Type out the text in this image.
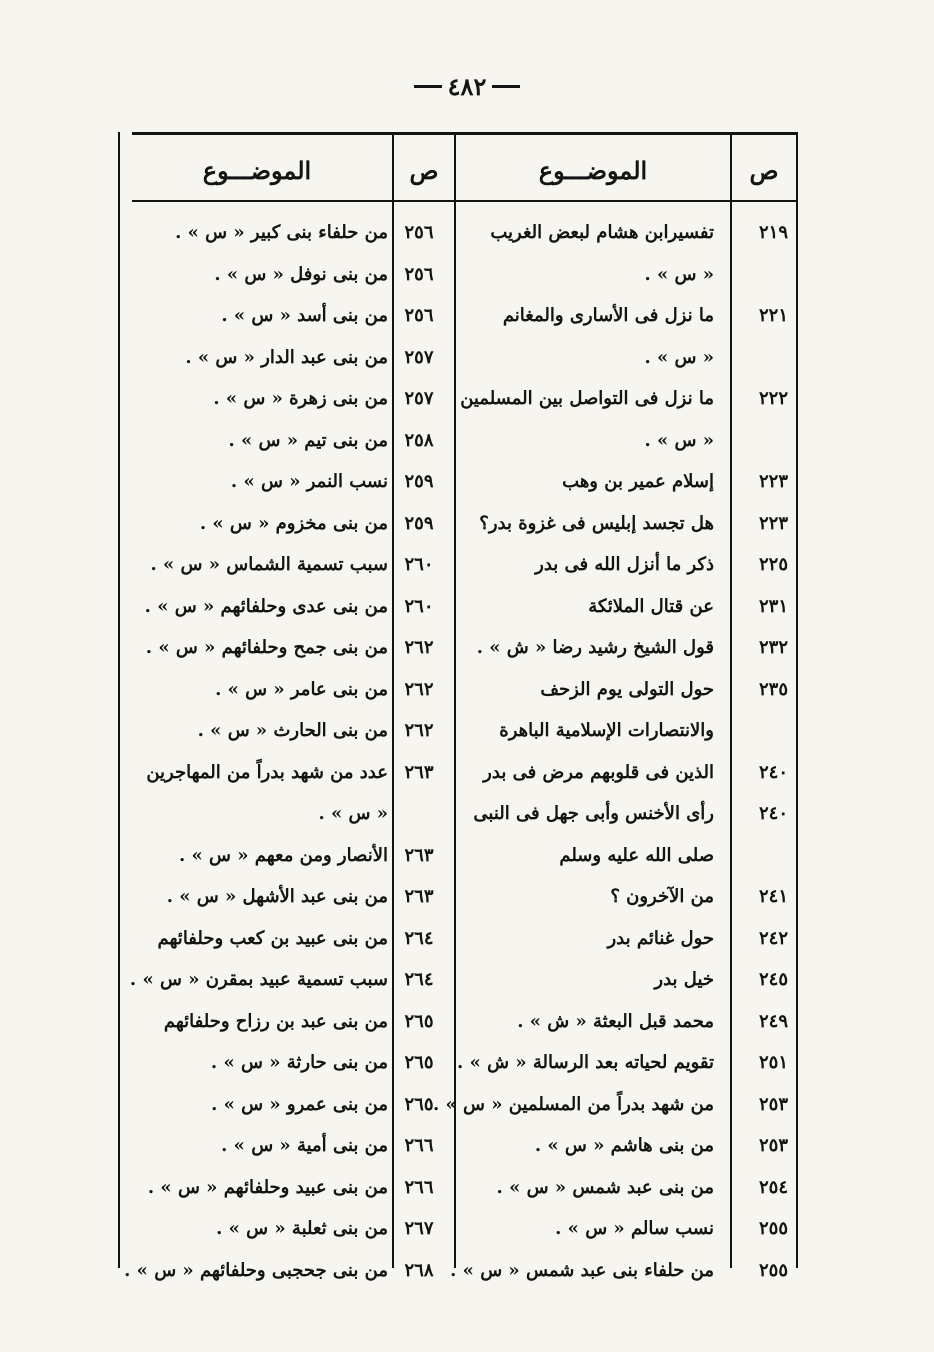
٤٨٢
ص
الموضـــوع
ص
الموضـــوع
٢١٩
تفسيرابن هشام لبعض الغريب
٢٥٦
من حلفاء بنى كبير « س » .
« س » .
٢٥٦
من بنى نوفل « س » .
٢٢١
ما نزل فى الأسارى والمغانم
٢٥٦
من بنى أسد « س » .
« س » .
٢٥٧
من بنى عبد الدار « س » .
٢٢٢
ما نزل فى التواصل بين المسلمين
٢٥٧
من بنى زهرة « س » .
« س » .
٢٥٨
من بنى تيم « س » .
٢٢٣
إسلام عمير بن وهب
٢٥٩
نسب النمر « س » .
٢٢٣
هل تجسد إبليس فى غزوة بدر؟
٢٥٩
من بنى مخزوم « س » .
٢٢٥
ذكر ما أنزل الله فى بدر
٢٦٠
سبب تسمية الشماس « س » .
٢٣١
عن قتال الملائكة
٢٦٠
من بنى عدى وحلفائهم « س » .
٢٣٢
قول الشيخ رشيد رضا « ش » .
٢٦٢
من بنى جمح وحلفائهم « س » .
٢٣٥
حول التولى يوم الزحف
٢٦٢
من بنى عامر « س » .
والانتصارات الإسلامية الباهرة
٢٦٢
من بنى الحارث « س » .
٢٤٠
الذين فى قلوبهم مرض فى بدر
٢٦٣
عدد من شهد بدراً من المهاجرين
٢٤٠
رأى الأخنس وأبى جهل فى النبى
« س » .
صلى الله عليه وسلم
٢٦٣
الأنصار ومن معهم « س » .
٢٤١
من الآخرون ؟
٢٦٣
من بنى عبد الأشهل « س » .
٢٤٢
حول غنائم بدر
٢٦٤
من بنى عبيد بن كعب وحلفائهم
٢٤٥
خيل بدر
٢٦٤
سبب تسمية عبيد بمقرن « س » .
٢٤٩
محمد قبل البعثة « ش » .
٢٦٥
من بنى عبد بن رزاح وحلفائهم
٢٥١
تقويم لحياته بعد الرسالة « ش » .
٢٦٥
من بنى حارثة « س » .
٢٥٣
من شهد بدراً من المسلمين « س » .
٢٦٥
من بنى عمرو « س » .
٢٥٣
من بنى هاشم « س » .
٢٦٦
من بنى أمية « س » .
٢٥٤
من بنى عبد شمس « س » .
٢٦٦
من بنى عبيد وحلفائهم « س » .
٢٥٥
نسب سالم « س » .
٢٦٧
من بنى ثعلبة « س » .
٢٥٥
من حلفاء بنى عبد شمس « س » .
٢٦٨
من بنى جحجبى وحلفائهم « س » .
